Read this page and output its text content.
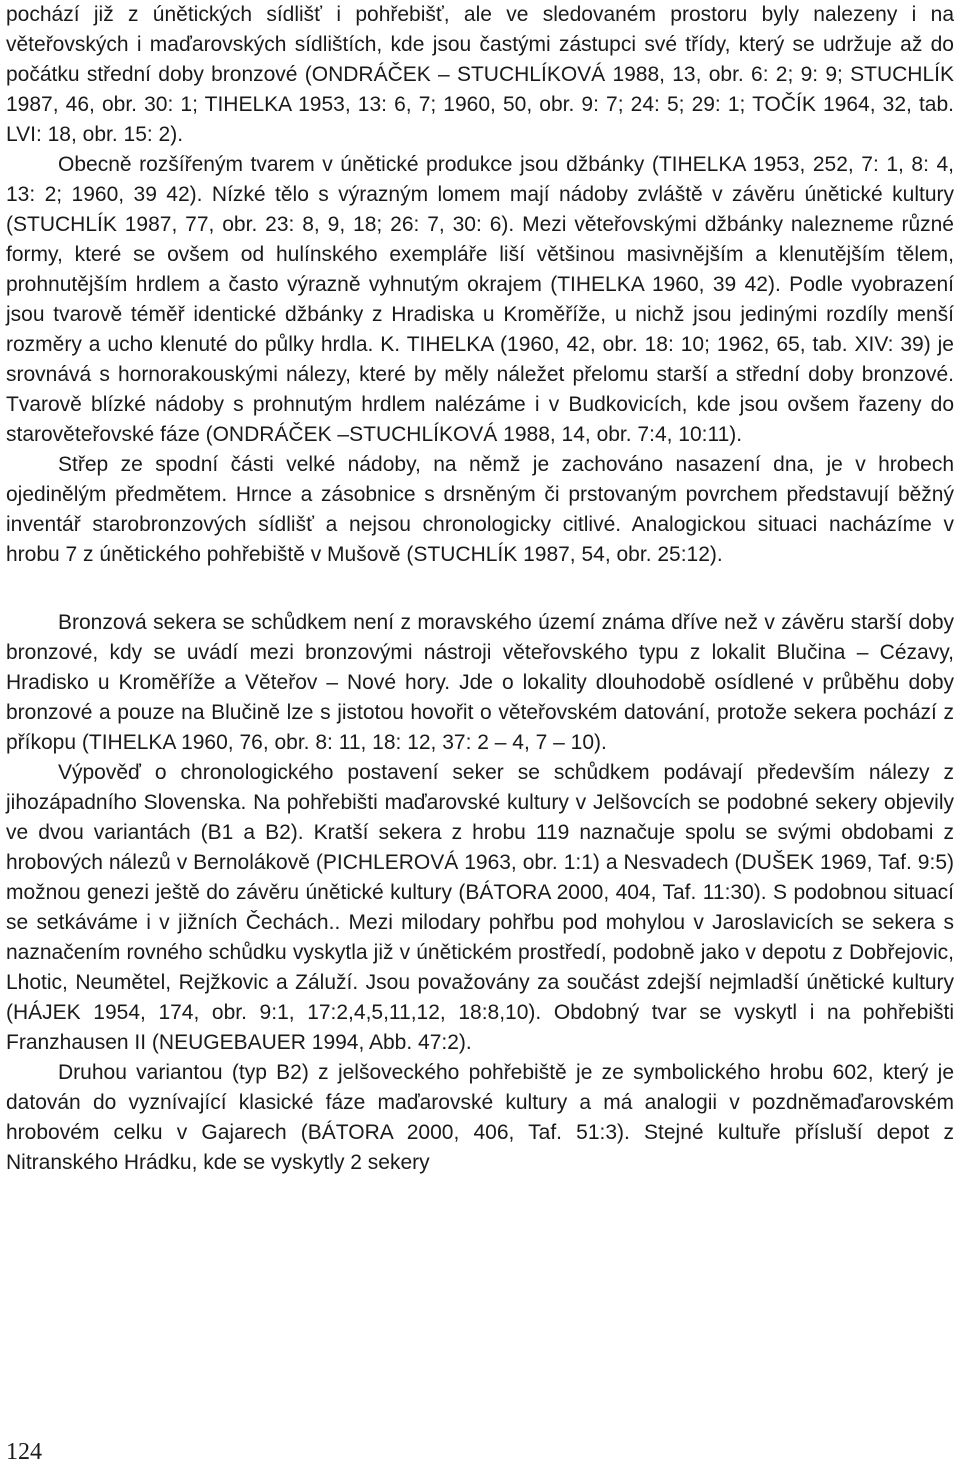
pochází již z únětických sídlišť i pohřebišť, ale ve sledovaném prostoru byly nalezeny i na věteřovských i maďarovských sídlištích, kde jsou častými zástupci své třídy, který se udržuje až do počátku střední doby bronzové (ONDRÁČEK – STUCHLÍKOVÁ 1988, 13, obr. 6: 2; 9: 9; STUCHLÍK 1987, 46, obr. 30: 1; TIHELKA 1953, 13: 6, 7; 1960, 50, obr. 9: 7; 24: 5; 29: 1; TOČÍK 1964, 32, tab. LVI: 18, obr. 15: 2).

Obecně rozšířeným tvarem v únětické produkce jsou džbánky (TIHELKA 1953, 252, 7: 1, 8: 4, 13: 2; 1960, 39 42). Nízké tělo s výrazným lomem mají nádoby zvláště v závěru únětické kultury (STUCHLÍK 1987, 77, obr. 23: 8, 9, 18; 26: 7, 30: 6). Mezi věteřovskými džbánky nalezneme různé formy, které se ovšem od hulínského exempláře liší většinou masivnějším a klenutějším tělem, prohnutějším hrdlem a často výrazně vyhnutým okrajem (TIHELKA 1960, 39 42). Podle vyobrazení jsou tvarově téměř identické džbánky z Hradiska u Kroměříže, u nichž jsou jedinými rozdíly menší rozměry a ucho klenuté do půlky hrdla. K. TIHELKA (1960, 42, obr. 18: 10; 1962, 65, tab. XIV: 39) je srovnává s hornorakouskými nálezy, které by měly náležet přelomu starší a střední doby bronzové. Tvarově blízké nádoby s prohnutým hrdlem nalézáme i v Budkovicích, kde jsou ovšem řazeny do starověteřovské fáze (ONDRÁČEK –STUCHLÍKOVÁ 1988, 14, obr. 7:4, 10:11).

Střep ze spodní části velké nádoby, na němž je zachováno nasazení dna, je v hrobech ojedinělým předmětem. Hrnce a zásobnice s drsněným či prstovaným povrchem představují běžný inventář starobronzových sídlišť a nejsou chronologicky citlivé. Analogickou situaci nacházíme v hrobu 7 z únětického pohřebiště v Mušově (STUCHLÍK 1987, 54, obr. 25:12).

Bronzová sekera se schůdkem není z moravského území známa dříve než v závěru starší doby bronzové, kdy se uvádí mezi bronzovými nástroji věteřovského typu z lokalit Blučina – Cézavy, Hradisko u Kroměříže a Věteřov – Nové hory. Jde o lokality dlouhodobě osídlené v průběhu doby bronzové a pouze na Blučině lze s jistotou hovořit o věteřovském datování, protože sekera pochází z příkopu (TIHELKA 1960, 76, obr. 8: 11, 18: 12, 37: 2 – 4, 7 – 10).

Výpověď o chronologického postavení seker se schůdkem podávají především nálezy z jihozápadního Slovenska. Na pohřebišti maďarovské kultury v Jelšovcích se podobné sekery objevily ve dvou variantách (B1 a B2). Kratší sekera z hrobu 119 naznačuje spolu se svými obdobami z hrobových nálezů v Bernolákově (PICHLEROVÁ 1963, obr. 1:1) a Nesvadech (DUŠEK 1969, Taf. 9:5) možnou genezi ještě do závěru únětické kultury (BÁTORA 2000, 404, Taf. 11:30). S podobnou situací se setkáváme i v jižních Čechách.. Mezi milodary pohřbu pod mohylou v Jaroslavicích se sekera s naznačením rovného schůdku vyskytla již v únětickém prostředí, podobně jako v depotu z Dobřejovic, Lhotic, Neumětel, Rejžkovic a Záluží. Jsou považovány za součást zdejší nejmladší únětické kultury (HÁJEK 1954, 174, obr. 9:1, 17:2,4,5,11,12, 18:8,10). Obdobný tvar se vyskytl i na pohřebišti Franzhausen II (NEUGEBAUER 1994, Abb. 47:2).

Druhou variantou (typ B2) z jelšoveckého pohřebiště je ze symbolického hrobu 602, který je datován do vyznívající klasické fáze maďarovské kultury a má analogii v pozdněmaďarovském hrobovém celku v Gajarech (BÁTORA 2000, 406, Taf. 51:3). Stejné kultuře přísluší depot z Nitranského Hrádku, kde se vyskytly 2 sekery

124
